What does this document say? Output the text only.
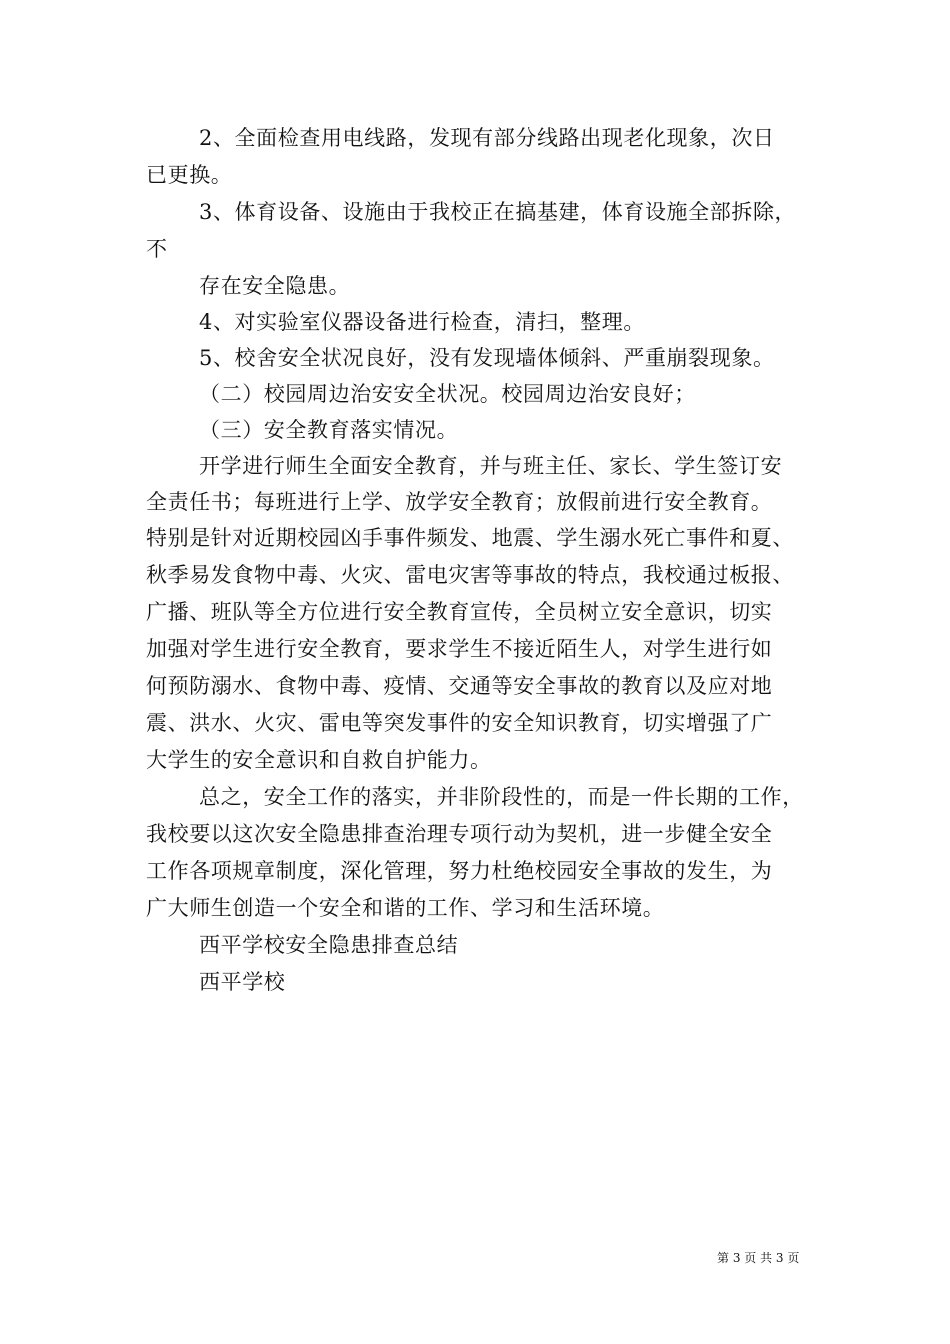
2、全面检查用电线路，发现有部分线路出现老化现象，次日
已更换。
3、体育设备、设施由于我校正在搞基建，体育设施全部拆除，
不
存在安全隐患。
4、对实验室仪器设备进行检查，清扫，整理。
5、校舍安全状况良好，没有发现墙体倾斜、严重崩裂现象。
（二）校园周边治安安全状况。校园周边治安良好；
（三）安全教育落实情况。
开学进行师生全面安全教育，并与班主任、家长、学生签订安
全责任书；每班进行上学、放学安全教育；放假前进行安全教育。
特别是针对近期校园凶手事件频发、地震、学生溺水死亡事件和夏、
秋季易发食物中毒、火灾、雷电灾害等事故的特点，我校通过板报、
广播、班队等全方位进行安全教育宣传，全员树立安全意识，切实
加强对学生进行安全教育，要求学生不接近陌生人，对学生进行如
何预防溺水、食物中毒、疫情、交通等安全事故的教育以及应对地
震、洪水、火灾、雷电等突发事件的安全知识教育，切实增强了广
大学生的安全意识和自救自护能力。
总之，安全工作的落实，并非阶段性的，而是一件长期的工作，
我校要以这次安全隐患排查治理专项行动为契机，进一步健全安全
工作各项规章制度，深化管理，努力杜绝校园安全事故的发生，为
广大师生创造一个安全和谐的工作、学习和生活环境。
西平学校安全隐患排查总结
西平学校
第 3 页 共 3 页
